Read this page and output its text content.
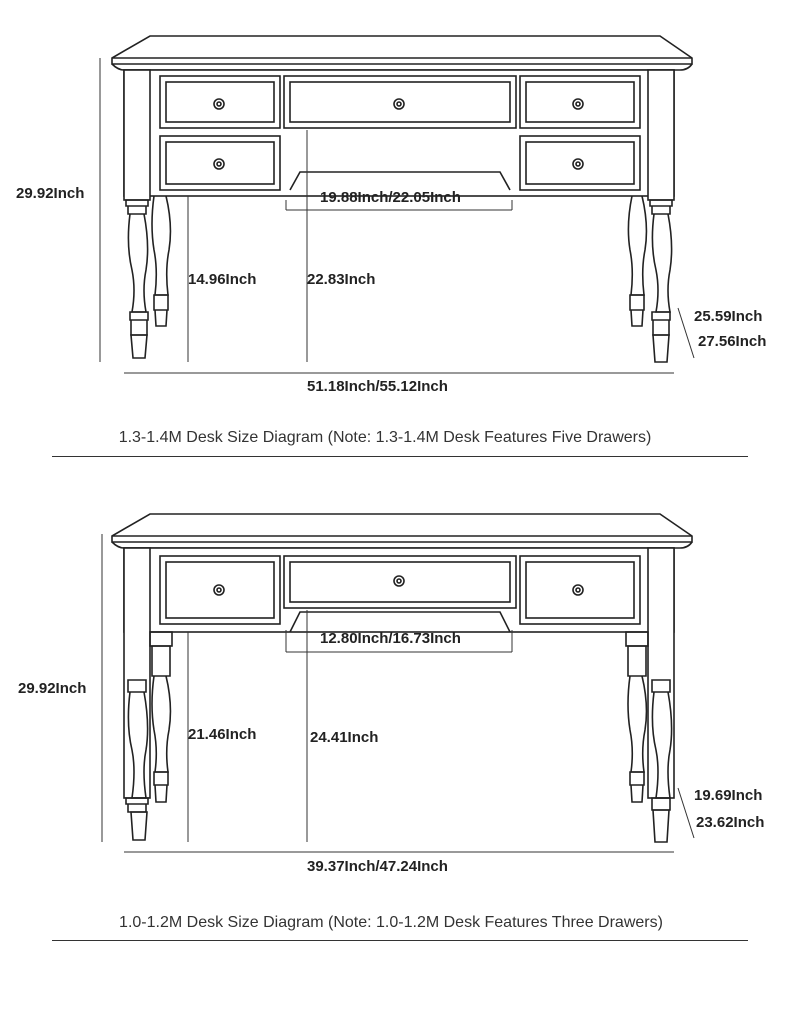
29.92Inch	19.88Inch/22.05Inch
14.96Inch	22.83Inch
25.59Inch
27.56Inch
51.18Inch/55.12Inch
1.3-1.4M Desk Size Diagram (Note: 1.3-1.4M Desk Features Five Drawers)
29.92Inch
12.80Inch/16.73Inch
21.46Inch	24.41Inch
19.69Inch
23.62Inch
39.37Inch/47.24Inch
1.0-1.2M Desk Size Diagram (Note: 1.0-1.2M Desk Features Three Drawers)
